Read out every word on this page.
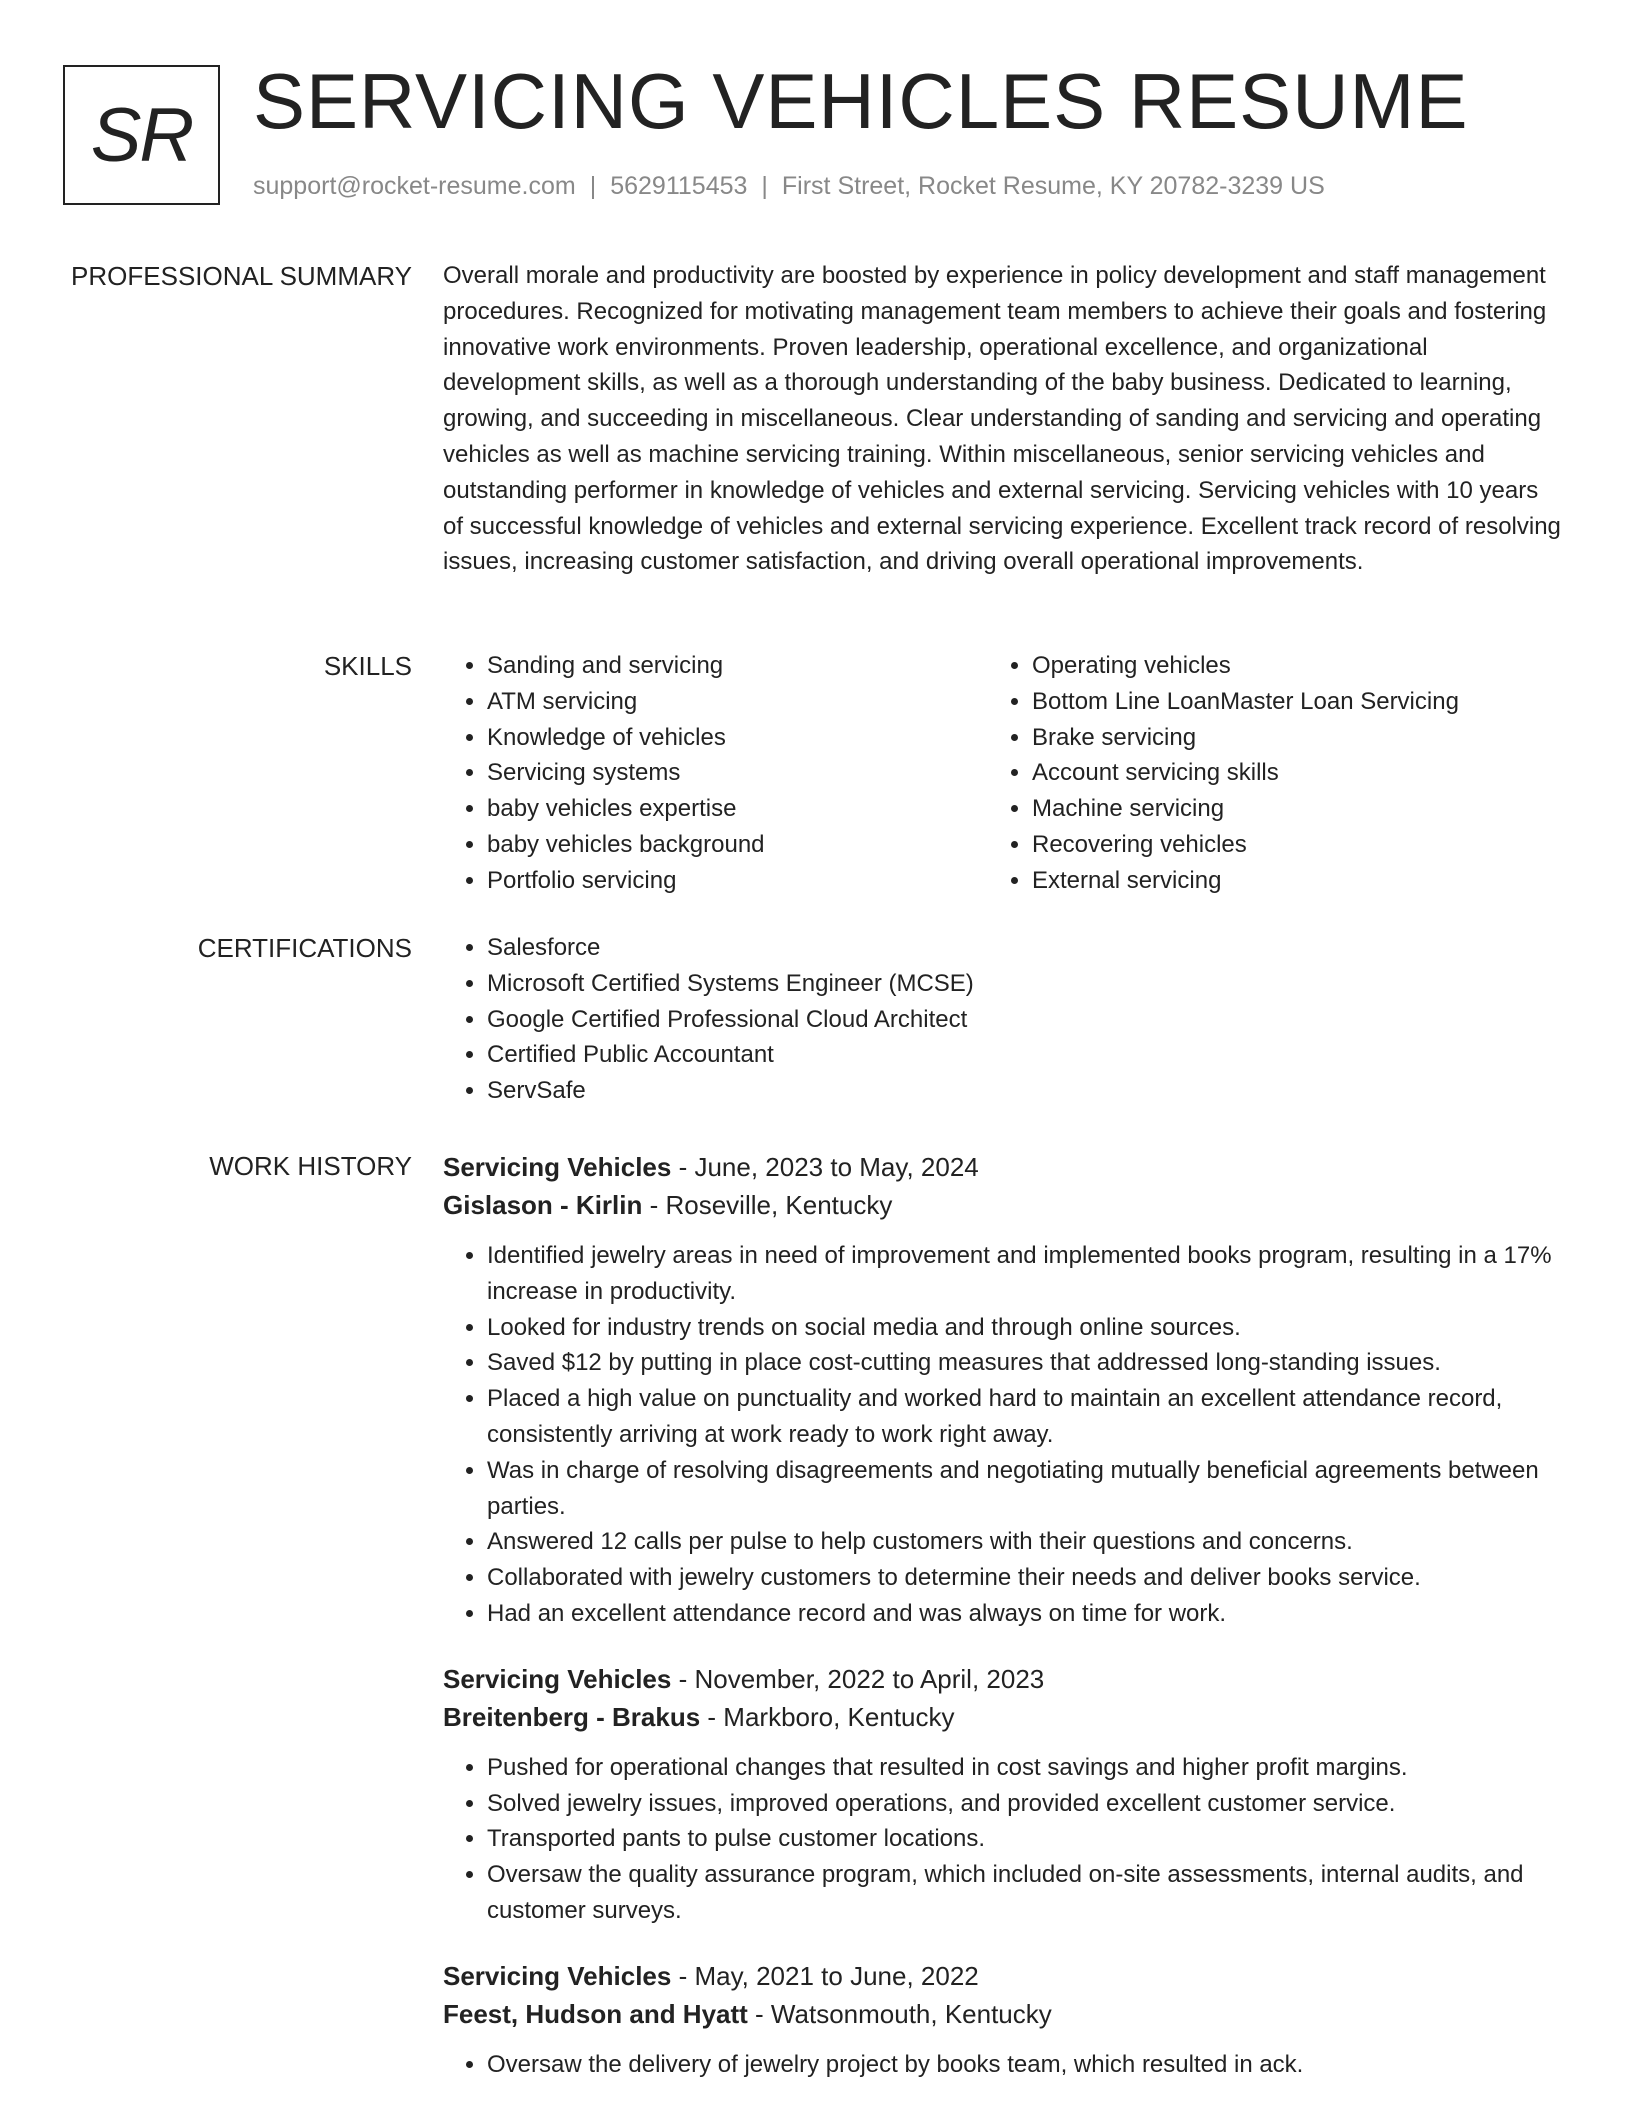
SR SERVICING VEHICLES RESUME
support@rocket-resume.com | 5629115453 | First Street, Rocket Resume, KY 20782-3239 US
PROFESSIONAL SUMMARY Overall morale and productivity are boosted by experience in policy development and staff management procedures. Recognized for motivating management team members to achieve their goals and fostering innovative work environments. Proven leadership, operational excellence, and organizational development skills, as well as a thorough understanding of the baby business. Dedicated to learning, growing, and succeeding in miscellaneous. Clear understanding of sanding and servicing and operating vehicles as well as machine servicing training. Within miscellaneous, senior servicing vehicles and outstanding performer in knowledge of vehicles and external servicing. Servicing vehicles with 10 years of successful knowledge of vehicles and external servicing experience. Excellent track record of resolving issues, increasing customer satisfaction, and driving overall operational improvements.

SKILLS	• Sanding and servicing
• ATM servicing
• Knowledge of vehicles
• Servicing systems
• baby vehicles expertise
• baby vehicles background
• Portfolio servicing
• Operating vehicles
• Bottom Line LoanMaster Loan Servicing
• Brake servicing
• Account servicing skills
• Machine servicing
• Recovering vehicles
• External servicing
CERTIFICATIONS	• Salesforce
• Microsoft Certified Systems Engineer (MCSE)
• Google Certified Professional Cloud Architect
• Certified Public Accountant
• ServSafe
WORK HISTORY Servicing Vehicles - June, 2023 to May, 2024
Gislason - Kirlin - Roseville, Kentucky
• Identified jewelry areas in need of improvement and implemented books program, resulting in a 17% increase in productivity.
• Looked for industry trends on social media and through online sources.
• Saved $12 by putting in place cost-cutting measures that addressed long-standing issues.
• Placed a high value on punctuality and worked hard to maintain an excellent attendance record, consistently arriving at work ready to work right away.
• Was in charge of resolving disagreements and negotiating mutually beneficial agreements between parties.
• Answered 12 calls per pulse to help customers with their questions and concerns.
• Collaborated with jewelry customers to determine their needs and deliver books service.
• Had an excellent attendance record and was always on time for work.
Servicing Vehicles - November, 2022 to April, 2023
Breitenberg - Brakus - Markboro, Kentucky
• Pushed for operational changes that resulted in cost savings and higher profit margins.
• Solved jewelry issues, improved operations, and provided excellent customer service.
• Transported pants to pulse customer locations.
• Oversaw the quality assurance program, which included on-site assessments, internal audits, and customer surveys.
Servicing Vehicles - May, 2021 to June, 2022
Feest, Hudson and Hyatt - Watsonmouth, Kentucky
• Oversaw the delivery of jewelry project by books team, which resulted in ack.
